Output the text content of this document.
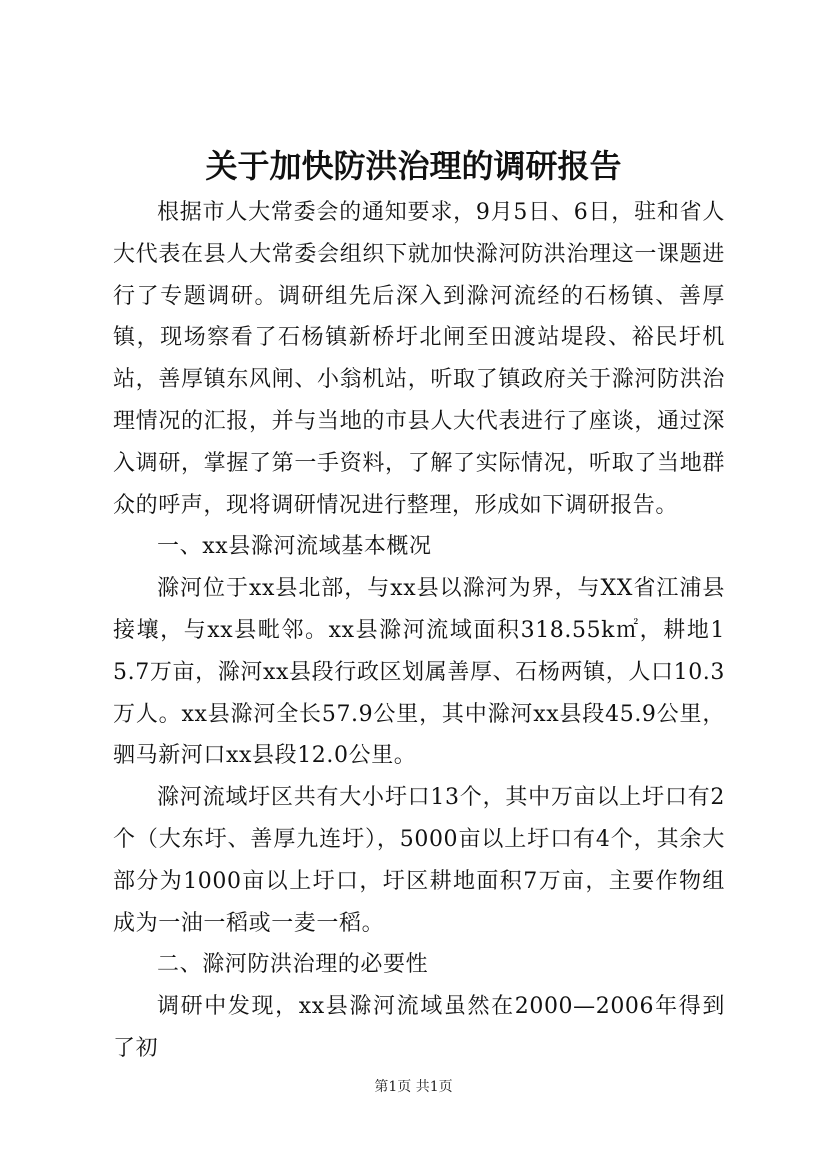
关于加快防洪治理的调研报告

根据市人大常委会的通知要求，9月5日、6日，驻和省人大代表在县人大常委会组织下就加快滁河防洪治理这一课题进行了专题调研。调研组先后深入到滁河流经的石杨镇、善厚镇，现场察看了石杨镇新桥圩北闸至田渡站堤段、裕民圩机站，善厚镇东风闸、小翁机站，听取了镇政府关于滁河防洪治理情况的汇报，并与当地的市县人大代表进行了座谈，通过深入调研，掌握了第一手资料，了解了实际情况，听取了当地群众的呼声，现将调研情况进行整理，形成如下调研报告。

一、xx县滁河流域基本概况

滁河位于xx县北部，与xx县以滁河为界，与XX省江浦县接壤，与xx县毗邻。xx县滁河流域面积318.55k㎡，耕地15.7万亩，滁河xx县段行政区划属善厚、石杨两镇，人口10.3万人。xx县滁河全长57.9公里，其中滁河xx县段45.9公里，驷马新河口xx县段12.0公里。

滁河流域圩区共有大小圩口13个，其中万亩以上圩口有2个（大东圩、善厚九连圩），5000亩以上圩口有4个，其余大部分为1000亩以上圩口，圩区耕地面积7万亩，主要作物组成为一油一稻或一麦一稻。

二、滁河防洪治理的必要性

调研中发现，xx县滁河流域虽然在2000—2006年得到了初

第1页 共1页
